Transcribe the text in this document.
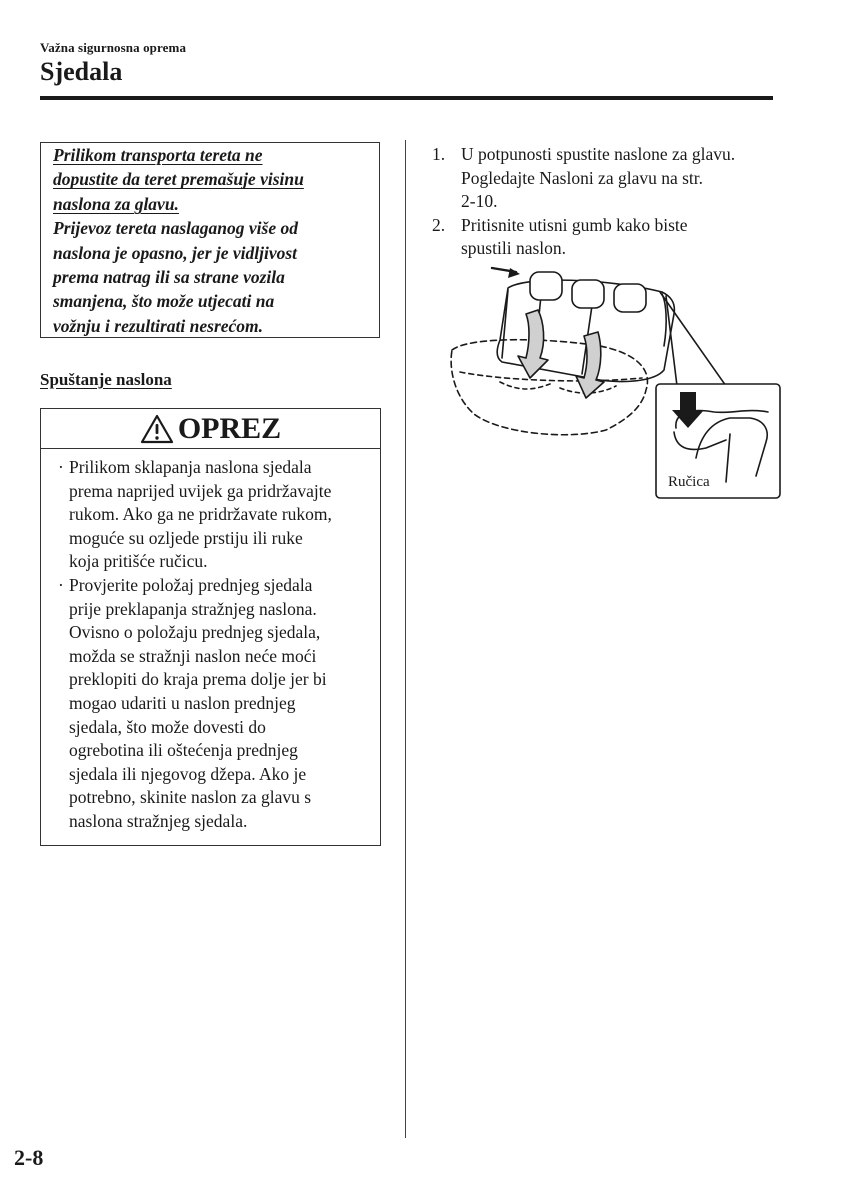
Važna sigurnosna oprema
Sjedala
Prilikom transporta tereta ne
dopustite da teret premašuje visinu
naslona za glavu.
Prijevoz tereta naslaganog više od
naslona je opasno, jer je vidljivost
prema natrag ili sa strane vozila
smanjena, što može utjecati na
vožnju i rezultirati nesrećom.
Spuštanje naslona
OPREZ
· Prilikom sklapanja naslona sjedala
prema naprijed uvijek ga pridržavajte
rukom. Ako ga ne pridržavate rukom,
moguće su ozljede prstiju ili ruke
koja pritišće ručicu.
· Provjerite položaj prednjeg sjedala
prije preklapanja stražnjeg naslona.
Ovisno o položaju prednjeg sjedala,
možda se stražnji naslon neće moći
preklopiti do kraja prema dolje jer bi
mogao udariti u naslon prednjeg
sjedala, što može dovesti do
ogrebotina ili oštećenja prednjeg
sjedala ili njegovog džepa. Ako je
potrebno, skinite naslon za glavu s
naslona stražnjeg sjedala.
1. U potpunosti spustite naslone za glavu.
Pogledajte Nasloni za glavu na str.
2-10.
2. Pritisnite utisni gumb kako biste
spustili naslon.
Ručica
2-8
